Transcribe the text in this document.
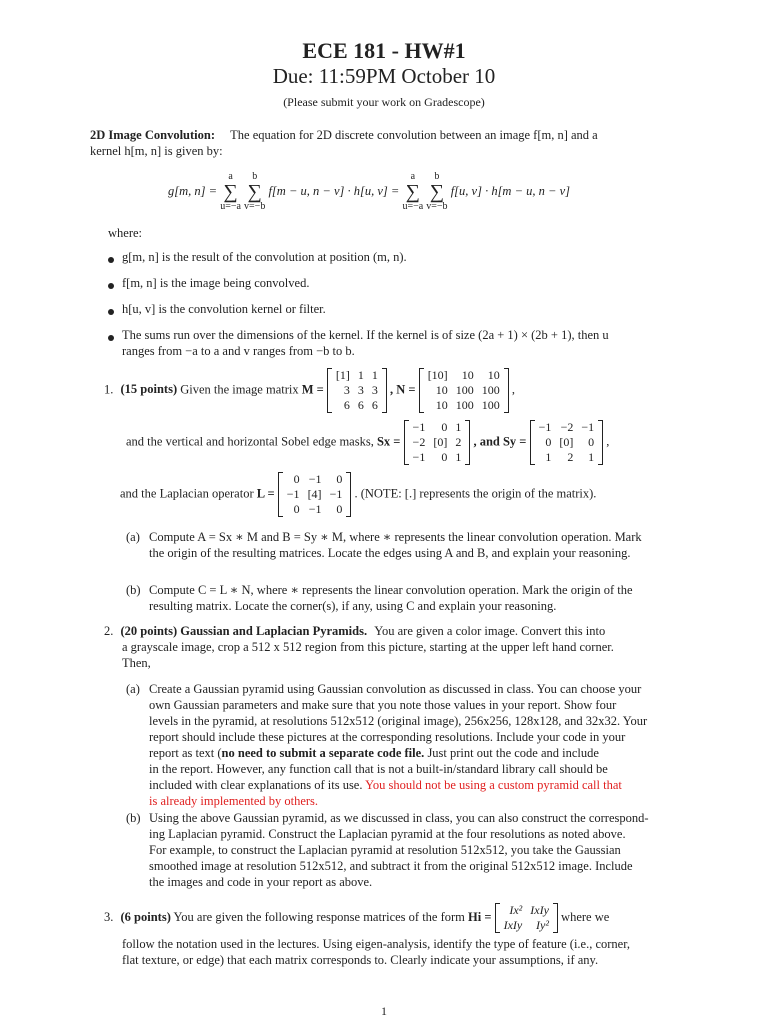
ECE 181 - HW#1
Due: 11:59PM October 10
(Please submit your work on Gradescope)
2D Image Convolution: The equation for 2D discrete convolution between an image f[m, n] and a
kernel h[m, n] is given by:
g[m, n] =
a
∑
u=−a

b
∑
v=−b
f[m − u, n − v] · h[u, v] =
a
∑
u=−a

b
∑
v=−b
f[u, v] · h[m − u, n − v]
where:
g[m, n] is the result of the convolution at position (m, n).
f[m, n] is the image being convolved.
h[u, v] is the convolution kernel or filter.
The sums run over the dimensions of the kernel. If the kernel is of size (2a + 1) × (2b + 1), then u
ranges from −a to a and v ranges from −b to b.
1. (15 points) Given the image matrix M =
[1]	1	1
3	3	3
6	6	6
, N =
[10]	10	10
10	100	100
10	100	100
,
and the vertical and horizontal Sobel edge masks, Sx =
−1	0	1
−2	[0]	2
−1	0	1
, and Sy =
−1	−2	−1
0	[0]	0
1	2	1
,
and the Laplacian operator L =
0	−1	0
−1	[4]	−1
0	−1	0
. (NOTE: [.] represents the origin of the matrix).
(a) Compute A = Sx ∗ M and B = Sy ∗ M, where ∗ represents the linear convolution operation. Mark
the origin of the resulting matrices. Locate the edges using A and B, and explain your reasoning.
(b) Compute C = L ∗ N, where ∗ represents the linear convolution operation. Mark the origin of the
resulting matrix. Locate the corner(s), if any, using C and explain your reasoning.
2. (20 points) Gaussian and Laplacian Pyramids. You are given a color image. Convert this into
a grayscale image, crop a 512 x 512 region from this picture, starting at the upper left hand corner.
Then,
(a) Create a Gaussian pyramid using Gaussian convolution as discussed in class. You can choose your
own Gaussian parameters and make sure that you note those values in your report. Show four
levels in the pyramid, at resolutions 512x512 (original image), 256x256, 128x128, and 32x32. Your
report should include these pictures at the corresponding resolutions. Include your code in your
report as text (no need to submit a separate code file. Just print out the code and include
in the report. However, any function call that is not a built-in/standard library call should be
included with clear explanations of its use. You should not be using a custom pyramid call that
is already implemented by others.
(b) Using the above Gaussian pyramid, as we discussed in class, you can also construct the correspond-
ing Laplacian pyramid. Construct the Laplacian pyramid at the four resolutions as noted above.
For example, to construct the Laplacian pyramid at resolution 512x512, you take the Gaussian
smoothed image at resolution 512x512, and subtract it from the original 512x512 image. Include
the images and code in your report as above.
3. (6 points) You are given the following response matrices of the form Hi = Ix²	IxIy
IxIy	Iy²
where we
follow the notation used in the lectures. Using eigen-analysis, identify the type of feature (i.e., corner,
flat texture, or edge) that each matrix corresponds to. Clearly indicate your assumptions, if any.
1
